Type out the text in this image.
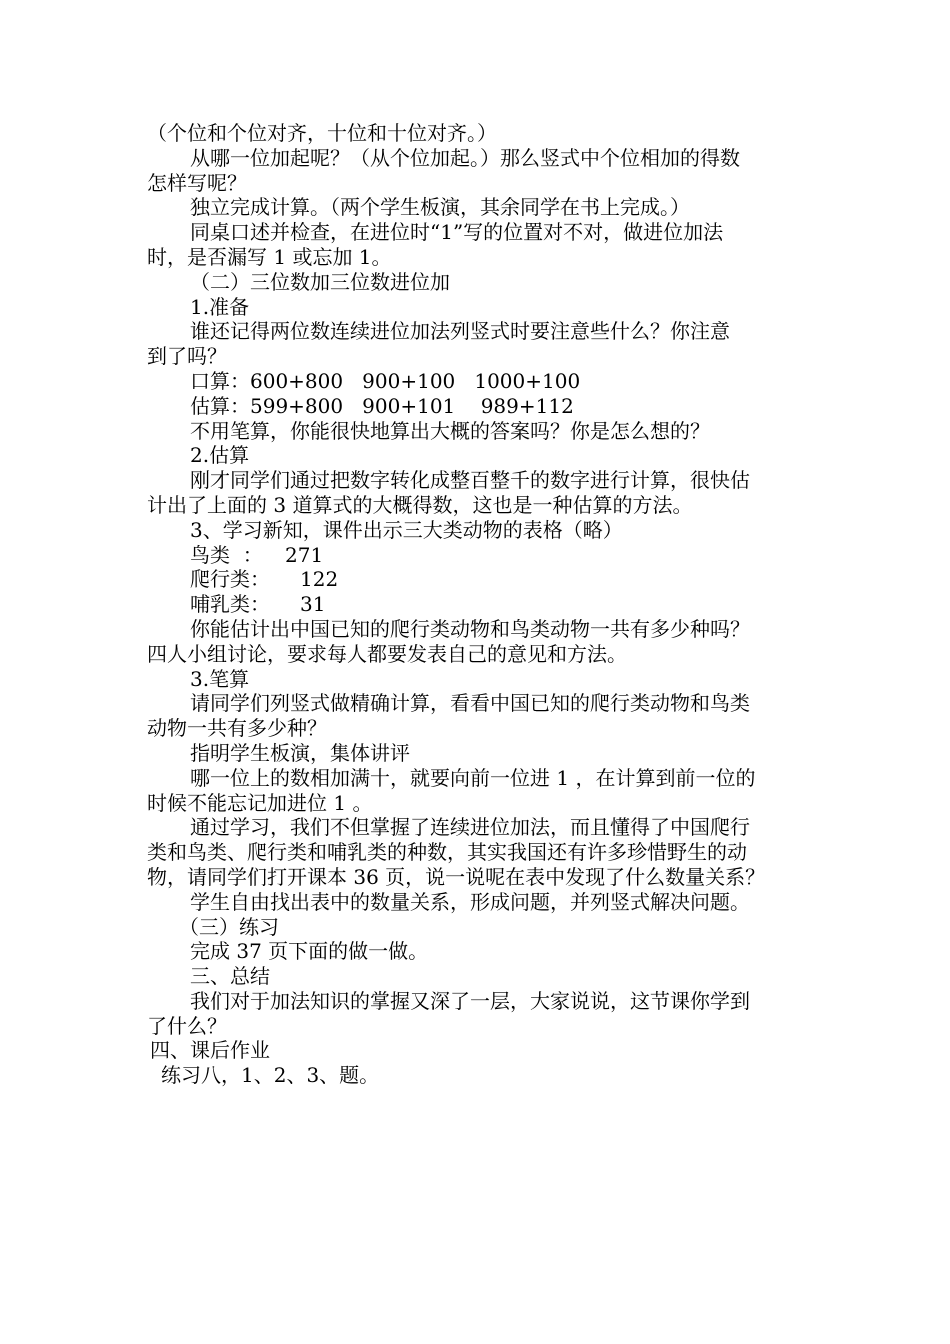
（个位和个位对齐，十位和十位对齐。）
从哪一位加起呢？（从个位加起。）那么竖式中个位相加的得数
怎样写呢？
独立完成计算。（两个学生板演，其余同学在书上完成。）
同桌口述并检查，在进位时“1”写的位置对不对，做进位加法
时，是否漏写 1 或忘加 1。
（二）三位数加三位数进位加
1.准备
谁还记得两位数连续进位加法列竖式时要注意些什么？你注意
到了吗？
口算：600+800   900+100   1000+100
估算：599+800   900+101    989+112
不用笔算，你能很快地算出大概的答案吗？你是怎么想的？
2.估算
刚才同学们通过把数字转化成整百整千的数字进行计算，很快估
计出了上面的 3 道算式的大概得数，这也是一种估算的方法。
3、学习新知，课件出示三大类动物的表格（略）
鸟类  ： 271
爬行类： 122
哺乳类： 31
你能估计出中国已知的爬行类动物和鸟类动物一共有多少种吗？
四人小组讨论，要求每人都要发表自己的意见和方法。
3.笔算
请同学们列竖式做精确计算，看看中国已知的爬行类动物和鸟类
动物一共有多少种？
指明学生板演，集体讲评
哪一位上的数相加满十，就要向前一位进 1 ，在计算到前一位的
时候不能忘记加进位 1 。
通过学习，我们不但掌握了连续进位加法，而且懂得了中国爬行
类和鸟类、爬行类和哺乳类的种数，其实我国还有许多珍惜野生的动
物，请同学们打开课本 36 页，说一说呢在表中发现了什么数量关系？
学生自由找出表中的数量关系，形成问题，并列竖式解决问题。
（三）练习
完成 37 页下面的做一做。
三、总结
我们对于加法知识的掌握又深了一层，大家说说，这节课你学到
了什么？
四、课后作业
练习八，1、2、3、题。
